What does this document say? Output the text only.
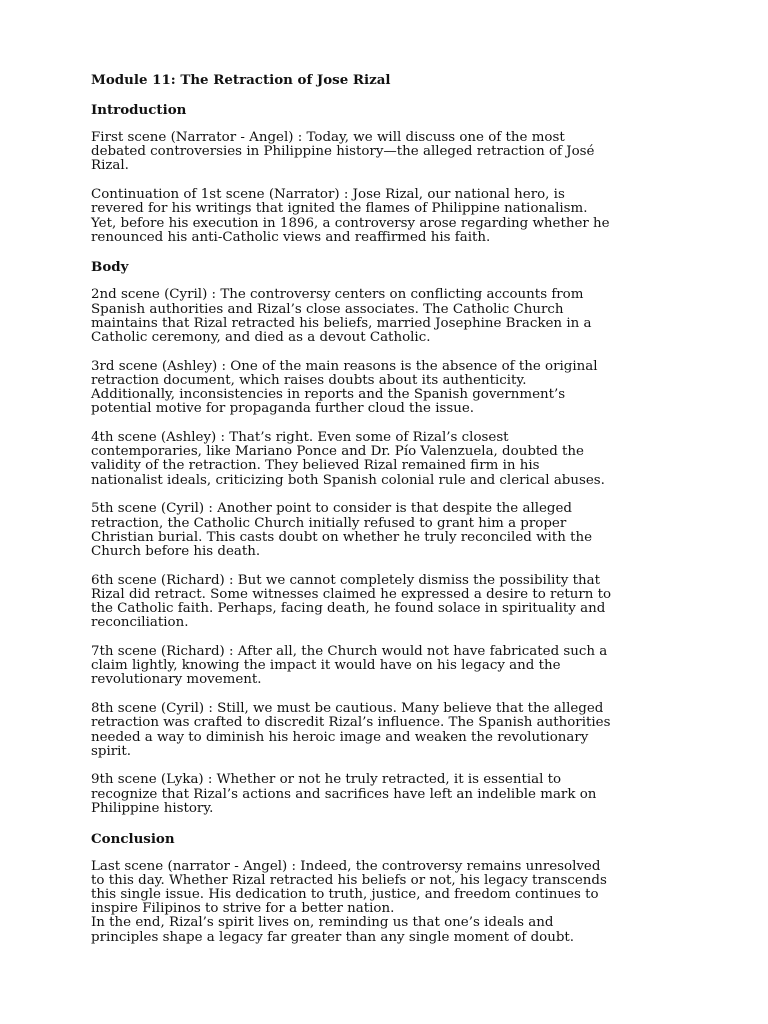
Module 11: The Retraction of Jose Rizal
Introduction
First scene (Narrator - Angel) : Today, we will discuss one of the most
debated controversies in Philippine history—the alleged retraction of José
Rizal.
Continuation of 1st scene (Narrator) : Jose Rizal, our national hero, is
revered for his writings that ignited the flames of Philippine nationalism.
Yet, before his execution in 1896, a controversy arose regarding whether he
renounced his anti-Catholic views and reaffirmed his faith.
Body
2nd scene (Cyril) : The controversy centers on conflicting accounts from
Spanish authorities and Rizal’s close associates. The Catholic Church
maintains that Rizal retracted his beliefs, married Josephine Bracken in a
Catholic ceremony, and died as a devout Catholic.
3rd scene (Ashley) : One of the main reasons is the absence of the original
retraction document, which raises doubts about its authenticity.
Additionally, inconsistencies in reports and the Spanish government’s
potential motive for propaganda further cloud the issue.
4th scene (Ashley) : That’s right. Even some of Rizal’s closest
contemporaries, like Mariano Ponce and Dr. Pío Valenzuela, doubted the
validity of the retraction. They believed Rizal remained firm in his
nationalist ideals, criticizing both Spanish colonial rule and clerical abuses.
5th scene (Cyril) : Another point to consider is that despite the alleged
retraction, the Catholic Church initially refused to grant him a proper
Christian burial. This casts doubt on whether he truly reconciled with the
Church before his death.
6th scene (Richard) : But we cannot completely dismiss the possibility that
Rizal did retract. Some witnesses claimed he expressed a desire to return to
the Catholic faith. Perhaps, facing death, he found solace in spirituality and
reconciliation.
7th scene (Richard) : After all, the Church would not have fabricated such a
claim lightly, knowing the impact it would have on his legacy and the
revolutionary movement.
8th scene (Cyril) : Still, we must be cautious. Many believe that the alleged
retraction was crafted to discredit Rizal’s influence. The Spanish authorities
needed a way to diminish his heroic image and weaken the revolutionary
spirit.
9th scene (Lyka) : Whether or not he truly retracted, it is essential to
recognize that Rizal’s actions and sacrifices have left an indelible mark on
Philippine history.
Conclusion
Last scene (narrator - Angel) : Indeed, the controversy remains unresolved
to this day. Whether Rizal retracted his beliefs or not, his legacy transcends
this single issue. His dedication to truth, justice, and freedom continues to
inspire Filipinos to strive for a better nation.
In the end, Rizal’s spirit lives on, reminding us that one’s ideals and
principles shape a legacy far greater than any single moment of doubt.
